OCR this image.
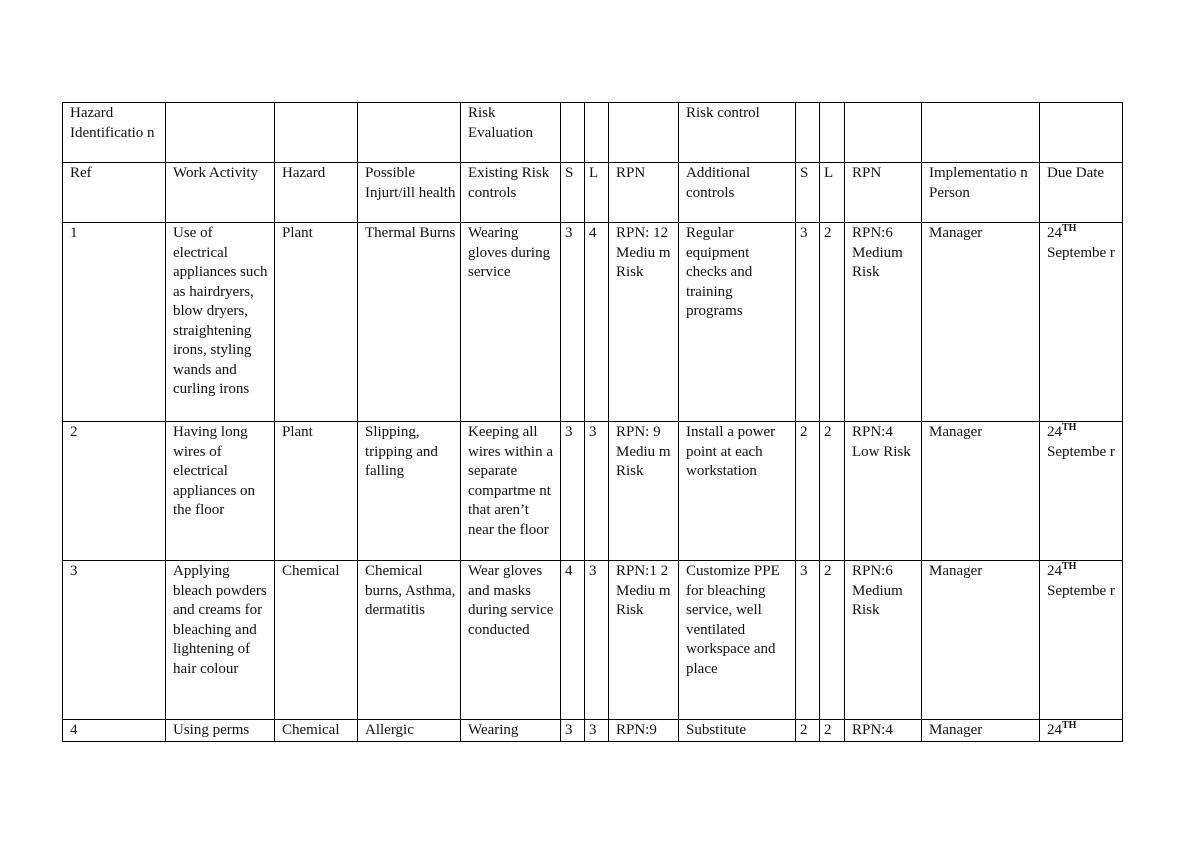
Hazard Identificatio n				Risk Evaluation				Risk control					
Ref	Work Activity	Hazard	Possible Injurt/ill health	Existing Risk controls	S	L	RPN	Additional controls	S	L	RPN	Implementatio n Person	Due Date
1	Use of electrical appliances such as hairdryers, blow dryers, straightening irons, styling wands and curling irons	Plant	Thermal Burns	Wearing gloves during service	3	4	RPN: 12 Mediu m Risk	Regular equipment checks and training programs	3	2	RPN:6 Medium Risk	Manager	24TH Septembe r
2	Having long wires of electrical appliances on the floor	Plant	Slipping, tripping and falling	Keeping all wires within a separate compartme nt that aren’t near the floor	3	3	RPN: 9 Mediu m Risk	Install a power point at each workstation	2	2	RPN:4 Low Risk	Manager	24TH Septembe r
3	Applying bleach powders and creams for bleaching and lightening of hair colour	Chemical	Chemical burns, Asthma, dermatitis	Wear gloves and masks during service conducted	4	3	RPN:1 2 Mediu m Risk	Customize PPE for bleaching service, well ventilated workspace and place	3	2	RPN:6 Medium Risk	Manager	24TH Septembe r
4	Using perms	Chemical	Allergic	Wearing	3	3	RPN:9	Substitute	2	2	RPN:4	Manager	24TH
